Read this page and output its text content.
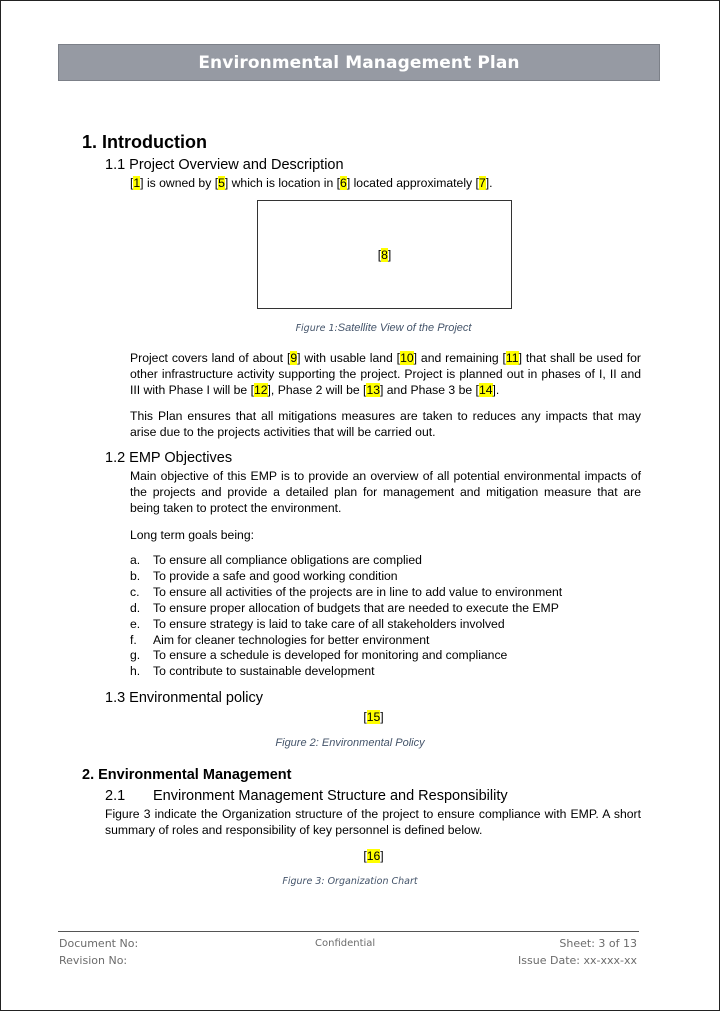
Environmental Management Plan
1. Introduction
1.1 Project Overview and Description
[1] is owned by [5] which is location in [6] located approximately [7].
[ 8 ]
Figure 1:Satellite View of the Project
Project covers land of about [9] with usable land [10] and remaining [11] that shall be used for other infrastructure activity supporting the project. Project is planned out in phases of I, II and III with Phase I will be [12], Phase 2 will be [13] and Phase 3 be [14].
This Plan ensures that all mitigations measures are taken to reduces any impacts that may arise due to the projects activities that will be carried out.
1.2 EMP Objectives
Main objective of this EMP is to provide an overview of all potential environmental impacts of the projects and provide a detailed plan for management and mitigation measure that are being taken to protect the environment.
Long term goals being:
a.	To ensure all compliance obligations are complied
b.	To provide a safe and good working condition
c.	To ensure all activities of the projects are in line to add value to environment
d.	To ensure proper allocation of budgets that are needed to execute the EMP
e.	To ensure strategy is laid to take care of all stakeholders involved
f.	Aim for cleaner technologies for better environment
g.	To ensure a schedule is developed for monitoring and compliance
h.	To contribute to sustainable development
1.3 Environmental policy
[15]
Figure 2: Environmental Policy
2. Environmental Management
2.1 Environment Management Structure and Responsibility
Figure 3 indicate the Organization structure of the project to ensure compliance with EMP. A short summary of roles and responsibility of key personnel is defined below.
[16]
Figure 3: Organization Chart
Document No:
Revision No:
Confidential	Sheet: 3 of 13
Issue Date: xx-xxx-xx
